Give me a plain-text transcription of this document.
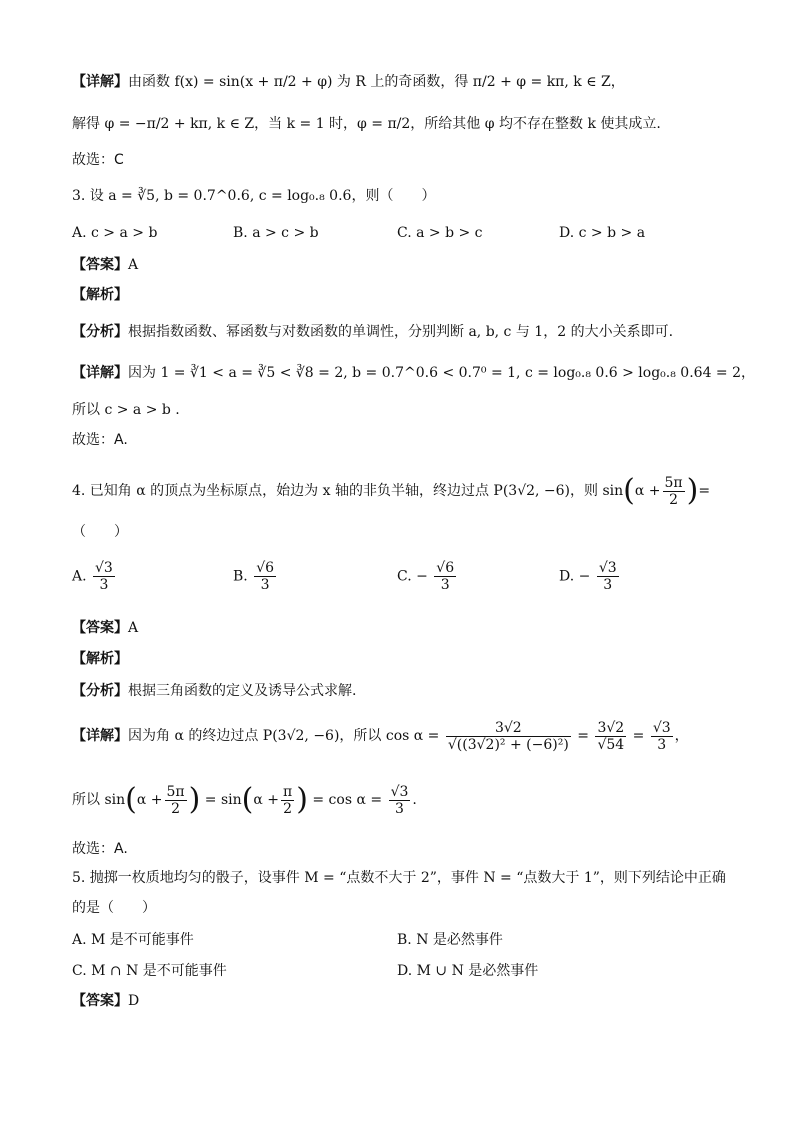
【详解】由函数 f(x) = sin(x + π/2 + φ) 为 R 上的奇函数，得 π/2 + φ = kπ, k ∈ Z，
解得 φ = −π/2 + kπ, k ∈ Z，当 k = 1 时，φ = π/2，所给其他 φ 均不存在整数 k 使其成立.
故选：C
3. 设 a = ∛5, b = 0.7^0.6, c = log₀.₈ 0.6，则（　　）
A. c > a > b	B. a > c > b	C. a > b > c	D. c > b > a
【答案】A
【解析】
【分析】根据指数函数、幂函数与对数函数的单调性，分别判断 a, b, c 与 1，2 的大小关系即可.
【详解】因为 1 = ∛1 < a = ∛5 < ∛8 = 2, b = 0.7^0.6 < 0.7⁰ = 1, c = log₀.₈ 0.6 > log₀.₈ 0.64 = 2，
所以 c > a > b .
故选：A.
4. 已知角 α 的顶点为坐标原点，始边为 x 轴的非负半轴，终边过点 P(3√2, −6)，则 $\sin(\alpha + \frac{5\pi}{2}$ )=
（　　）
A. $\frac{√3}{3}$	B. $\frac{√6}{3}$	C. − $\frac{√6}{3}$	D. − $\frac{√3}{3}$
【答案】A
【解析】
【分析】根据三角函数的定义及诱导公式求解.
【详解】因为角 α 的终边过点 P(3√2, −6)，所以 $\cos \alpha = \frac{3√2}{\text{√((3√2)² + (−6)²)}} = \frac{3√2}{√54} = \frac{√3}{3}$ ，
所以 $\sin(\alpha + \frac{5\pi}{2}$ ) = $\sin(\alpha + \frac{\pi}{2}$ ) = $\cos \alpha = \frac{√3}{3}$ .
故选：A.
5. 抛掷一枚质地均匀的骰子，设事件 M = “点数不大于 2”，事件 N = “点数大于 1”，则下列结论中正确
的是（　　）
A. M 是不可能事件	B. N 是必然事件
C. M ∩ N 是不可能事件	D. M ∪ N 是必然事件
【答案】D
